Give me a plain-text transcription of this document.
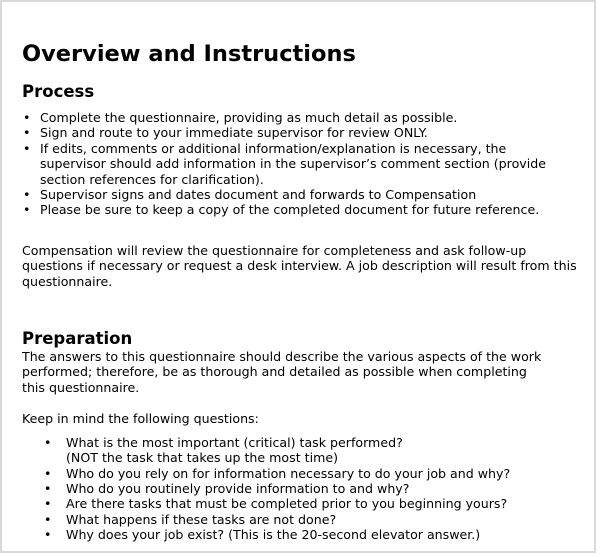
Overview and Instructions
Process
• Complete the questionnaire, providing as much detail as possible.
• Sign and route to your immediate supervisor for review ONLY.
• If edits, comments or additional information/explanation is necessary, the supervisor should add information in the supervisor’s comment section (provide section references for clarification).
• Supervisor signs and dates document and forwards to Compensation
• Please be sure to keep a copy of the completed document for future reference.

Compensation will review the questionnaire for completeness and ask follow-up questions if necessary or request a desk interview. A job description will result from this questionnaire.

Preparation

The answers to this questionnaire should describe the various aspects of the work performed; therefore, be as thorough and detailed as possible when completing this questionnaire.

Keep in mind the following questions:

• What is the most important (critical) task performed?

(NOT the task that takes up the most time)

• Who do you rely on for information necessary to do your job and why?
• Who do you routinely provide information to and why?
• Are there tasks that must be completed prior to you beginning yours?
• What happens if these tasks are not done?
• Why does your job exist? (This is the 20-second elevator answer.)
